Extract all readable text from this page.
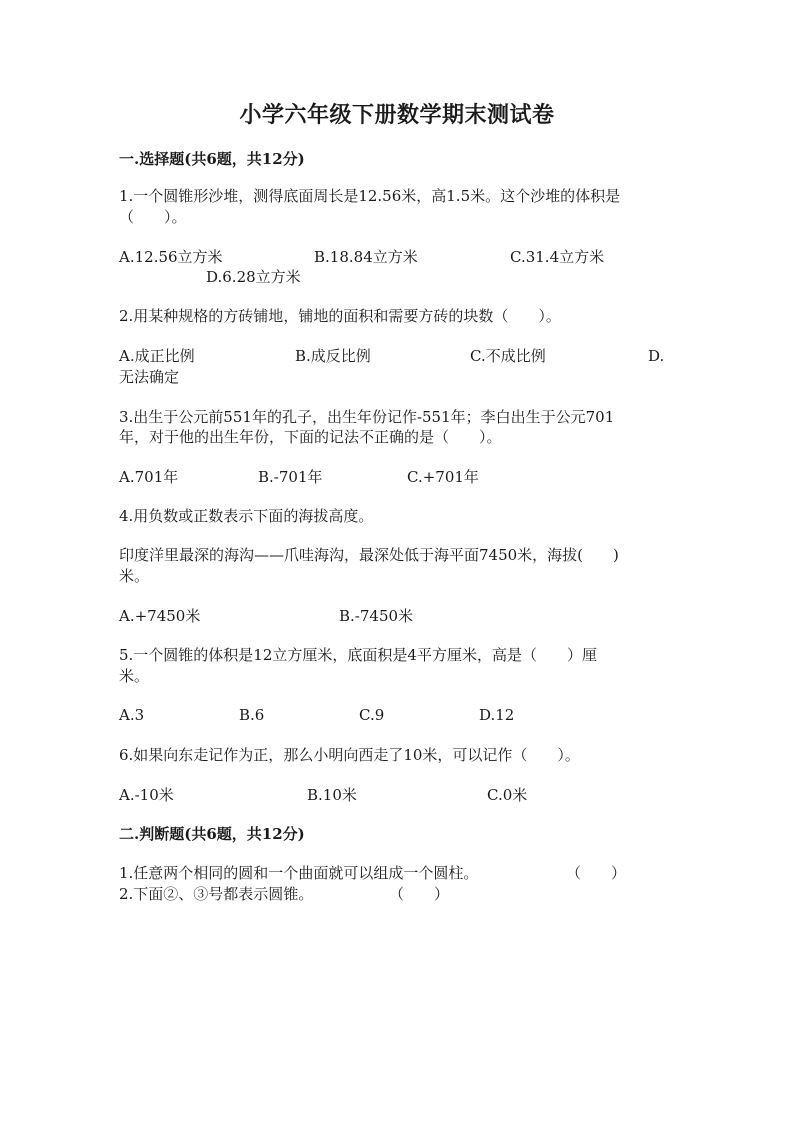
小学六年级下册数学期末测试卷
一.选择题(共6题，共12分)
1.一个圆锥形沙堆，测得底面周长是12.56米，高1.5米。这个沙堆的体积是
（　　）。
A.12.56立方米	B.18.84立方米	C.31.4立方米
D.6.28立方米
2.用某种规格的方砖铺地，铺地的面积和需要方砖的块数（　　）。
A.成正比例	B.成反比例	C.不成比例	D.
无法确定
3.出生于公元前551年的孔子，出生年份记作-551年；李白出生于公元701
年，对于他的出生年份，下面的记法不正确的是（　　）。
A.701年	B.-701年	C.+701年
4.用负数或正数表示下面的海拔高度。
印度洋里最深的海沟——爪哇海沟，最深处低于海平面7450米，海拔(　　)
米。
A.+7450米	B.-7450米
5.一个圆锥的体积是12立方厘米，底面积是4平方厘米，高是（　　）厘
米。
A.3	B.6	C.9	D.12
6.如果向东走记作为正，那么小明向西走了10米，可以记作（　　）。
A.-10米	B.10米	C.0米
二.判断题(共6题，共12分)
1.任意两个相同的圆和一个曲面就可以组成一个圆柱。	（　　）
2.下面②、③号都表示圆锥。	（　　）
